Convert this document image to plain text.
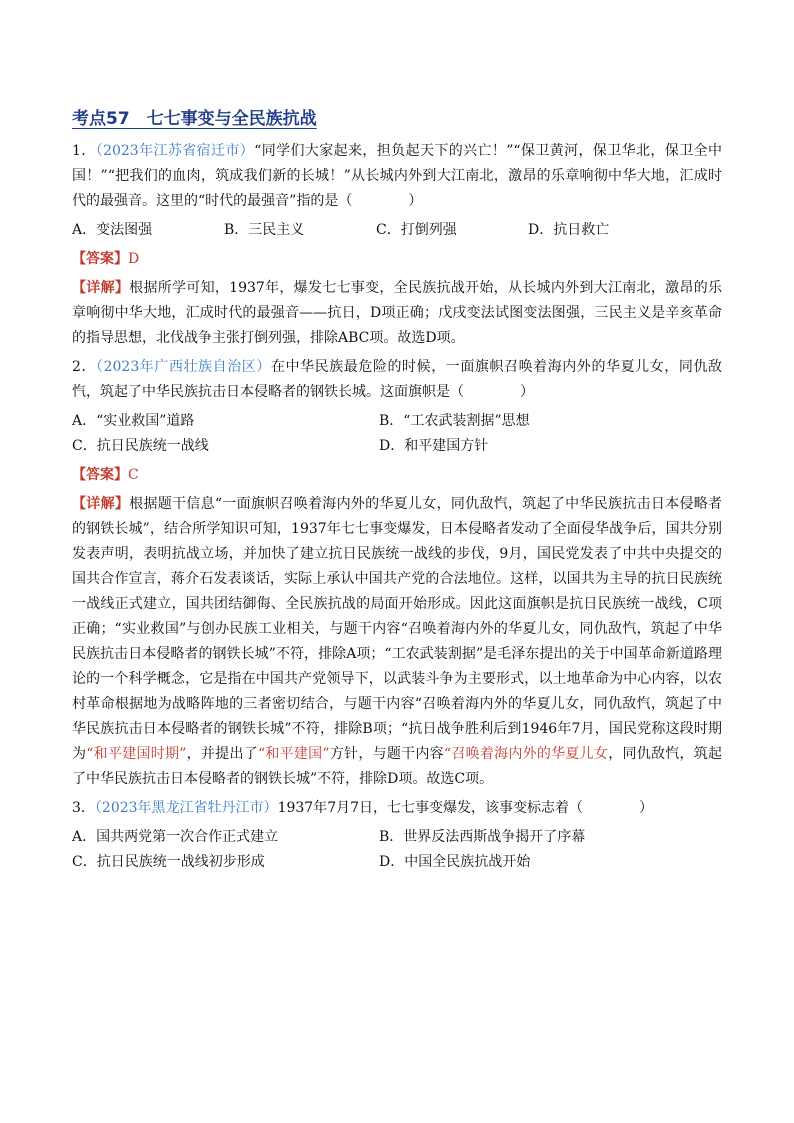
考点57　七七事变与全民族抗战

1．（2023年江苏省宿迁市）“同学们大家起来，担负起天下的兴亡！”“保卫黄河，保卫华北，保卫全中国！”“把我们的血肉，筑成我们新的长城！”从长城内外到大江南北，激昂的乐章响彻中华大地，汇成时代的最强音。这里的“时代的最强音”指的是（　　　　）

A．变法图强	B．三民主义	C．打倒列强	D．抗日救亡
【答案】D

【详解】根据所学可知，1937年，爆发七七事变，全民族抗战开始，从长城内外到大江南北，激昂的乐章响彻中华大地，汇成时代的最强音——抗日，D项正确；戊戌变法试图变法图强，三民主义是辛亥革命的指导思想，北伐战争主张打倒列强，排除ABC项。故选D项。

2．（2023年广西壮族自治区）在中华民族最危险的时候，一面旗帜召唤着海内外的华夏儿女，同仇敌忾，筑起了中华民族抗击日本侵略者的钢铁长城。这面旗帜是（　　　　）

A．“实业救国”道路	B．“工农武装割据”思想
C．抗日民族统一战线	D．和平建国方针
【答案】C

【详解】根据题干信息“一面旗帜召唤着海内外的华夏儿女，同仇敌忾，筑起了中华民族抗击日本侵略者的钢铁长城”，结合所学知识可知，1937年七七事变爆发，日本侵略者发动了全面侵华战争后，国共分别发表声明，表明抗战立场，并加快了建立抗日民族统一战线的步伐，9月，国民党发表了中共中央提交的国共合作宣言，蒋介石发表谈话，实际上承认中国共产党的合法地位。这样，以国共为主导的抗日民族统一战线正式建立，国共团结御侮、全民族抗战的局面开始形成。因此这面旗帜是抗日民族统一战线，C项正确；“实业救国”与创办民族工业相关，与题干内容“召唤着海内外的华夏儿女，同仇敌忾，筑起了中华民族抗击日本侵略者的钢铁长城”不符，排除A项；“工农武装割据”是毛泽东提出的关于中国革命新道路理论的一个科学概念，它是指在中国共产党领导下，以武装斗争为主要形式，以土地革命为中心内容，以农村革命根据地为战略阵地的三者密切结合，与题干内容“召唤着海内外的华夏儿女，同仇敌忾，筑起了中华民族抗击日本侵略者的钢铁长城”不符，排除B项；“抗日战争胜利后到1946年7月，国民党称这段时期为“和平建国时期”，并提出了“和平建国”方针，与题干内容“召唤着海内外的华夏儿女，同仇敌忾，筑起了中华民族抗击日本侵略者的钢铁长城”不符，排除D项。故选C项。

3．（2023年黑龙江省牡丹江市）1937年7月7日，七七事变爆发，该事变标志着（　　　　）

A．国共两党第一次合作正式建立	B．世界反法西斯战争揭开了序幕
C．抗日民族统一战线初步形成	D．中国全民族抗战开始
